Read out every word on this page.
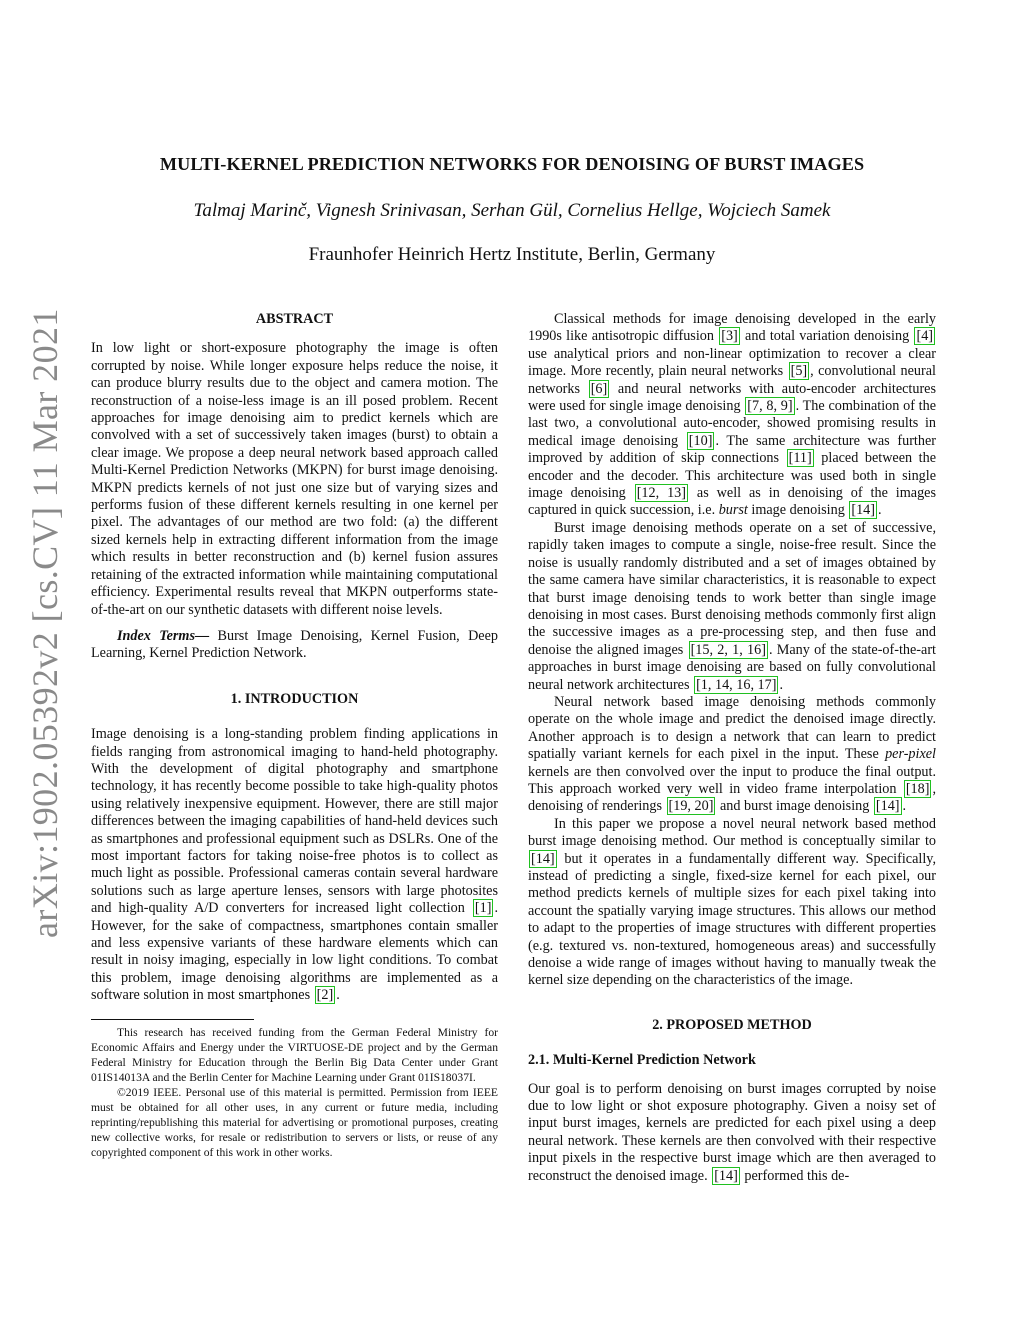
arXiv:1902.05392v2 [cs.CV] 11 Mar 2021
MULTI-KERNEL PREDICTION NETWORKS FOR DENOISING OF BURST IMAGES
Talmaj Marinč, Vignesh Srinivasan, Serhan Gül, Cornelius Hellge, Wojciech Samek
Fraunhofer Heinrich Hertz Institute, Berlin, Germany
ABSTRACT

In low light or short-exposure photography the image is often corrupted by noise. While longer exposure helps reduce the noise, it can produce blurry results due to the object and camera motion. The reconstruction of a noise-less image is an ill posed problem. Recent approaches for image denoising aim to predict kernels which are convolved with a set of successively taken images (burst) to obtain a clear image. We propose a deep neural network based approach called Multi-Kernel Prediction Networks (MKPN) for burst image denoising. MKPN predicts kernels of not just one size but of varying sizes and performs fusion of these different kernels resulting in one kernel per pixel. The advantages of our method are two fold: (a) the different sized kernels help in extracting different information from the image which results in better reconstruction and (b) kernel fusion assures retaining of the extracted information while maintaining computational efficiency. Experimental results reveal that MKPN outperforms state-of-the-art on our synthetic datasets with different noise levels.

Index Terms— Burst Image Denoising, Kernel Fusion, Deep Learning, Kernel Prediction Network.

1. INTRODUCTION

Image denoising is a long-standing problem finding applications in fields ranging from astronomical imaging to hand-held photography. With the development of digital photography and smartphone technology, it has recently become possible to take high-quality photos using relatively inexpensive equipment. However, there are still major differences between the imaging capabilities of hand-held devices such as smartphones and professional equipment such as DSLRs. One of the most important factors for taking noise-free photos is to collect as much light as possible. Professional cameras contain several hardware solutions such as large aperture lenses, sensors with large photosites and high-quality A/D converters for increased light collection [1] . However, for the sake of compactness, smartphones contain smaller and less expensive variants of these hardware elements which can result in noisy imaging, especially in low light conditions. To combat this problem, image denoising algorithms are implemented as a software solution in most smartphones [2] .

This research has received funding from the German Federal Ministry for Economic Affairs and Energy under the VIRTUOSE-DE project and by the German Federal Ministry for Education through the Berlin Big Data Center under Grant 01IS14013A and the Berlin Center for Machine Learning under Grant 01IS18037I.

©2019 IEEE. Personal use of this material is permitted. Permission from IEEE must be obtained for all other uses, in any current or future media, including reprinting/republishing this material for advertising or promotional purposes, creating new collective works, for resale or redistribution to servers or lists, or reuse of any copyrighted component of this work in other works.

Classical methods for image denoising developed in the early 1990s like antisotropic diffusion [3] and total variation denoising [4] use analytical priors and non-linear optimization to recover a clear image. More recently, plain neural networks [5] , convolutional neural networks [6] and neural networks with auto-encoder architectures were used for single image denoising [7, 8, 9] . The combination of the last two, a convolutional auto-encoder, showed promising results in medical image denoising [10] . The same architecture was further improved by addition of skip connections [11] placed between the encoder and the decoder. This architecture was used both in single image denoising [12, 13] as well as in denoising of the images captured in quick succession, i.e. burst image denoising [14] .

Burst image denoising methods operate on a set of successive, rapidly taken images to compute a single, noise-free result. Since the noise is usually randomly distributed and a set of images obtained by the same camera have similar characteristics, it is reasonable to expect that burst image denoising tends to work better than single image denoising in most cases. Burst denoising methods commonly first align the successive images as a pre-processing step, and then fuse and denoise the aligned images [15, 2, 1, 16] . Many of the state-of-the-art approaches in burst image denoising are based on fully convolutional neural network architectures [1, 14, 16, 17] .

Neural network based image denoising methods commonly operate on the whole image and predict the denoised image directly. Another approach is to design a network that can learn to predict spatially variant kernels for each pixel in the input. These per-pixel kernels are then convolved over the input to produce the final output. This approach worked very well in video frame interpolation [18] , denoising of renderings [19, 20] and burst image denoising [14] .

In this paper we propose a novel neural network based method burst image denoising method. Our method is conceptually similar to [14] but it operates in a fundamentally different way. Specifically, instead of predicting a single, fixed-size kernel for each pixel, our method predicts kernels of multiple sizes for each pixel taking into account the spatially varying image structures. This allows our method to adapt to the properties of image structures with different properties (e.g. textured vs. non-textured, homogeneous areas) and successfully denoise a wide range of images without having to manually tweak the kernel size depending on the characteristics of the image.

2. PROPOSED METHOD
2.1. Multi-Kernel Prediction Network

Our goal is to perform denoising on burst images corrupted by noise due to low light or shot exposure photography. Given a noisy set of input burst images, kernels are predicted for each pixel using a deep neural network. These kernels are then convolved with their respective input pixels in the respective burst image which are then averaged to reconstruct the denoised image. [14] performed this de-
